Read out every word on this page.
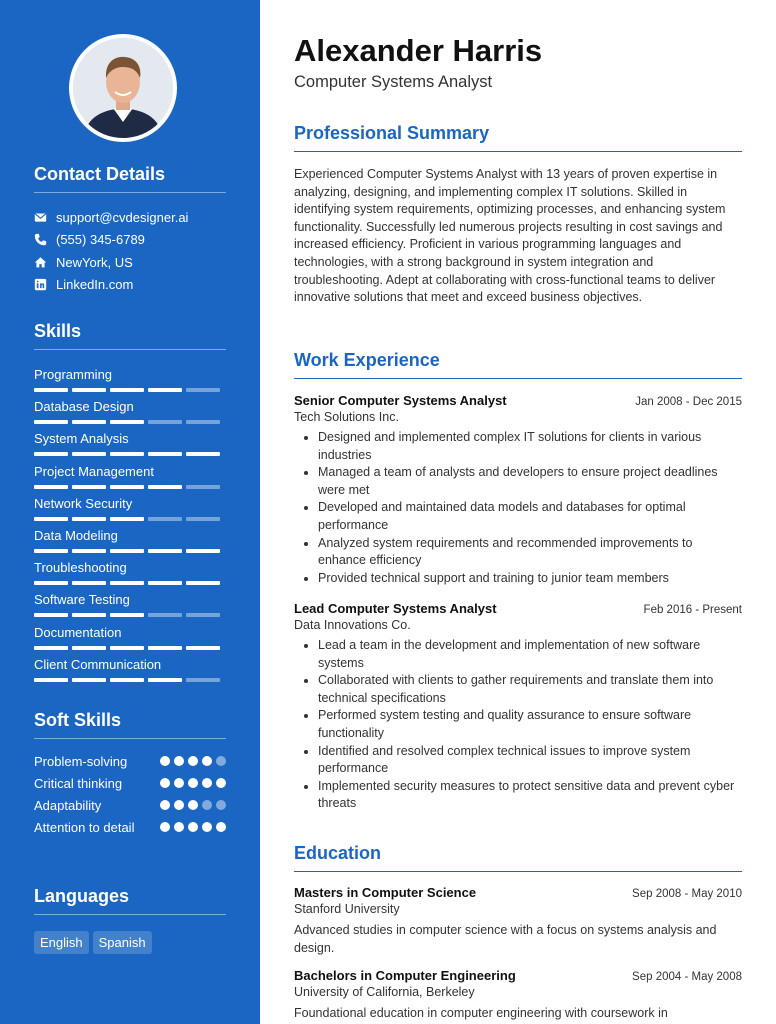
Contact Details
support@cvdesigner.ai
(555) 345-6789
NewYork, US
LinkedIn.com
Skills
Programming
Database Design
System Analysis
Project Management
Network Security
Data Modeling
Troubleshooting
Software Testing
Documentation
Client Communication
Soft Skills
Problem-solving
Critical thinking
Adaptability
Attention to detail
Languages
English Spanish
Alexander Harris
Computer Systems Analyst
Professional Summary
Experienced Computer Systems Analyst with 13 years of proven expertise in analyzing, designing, and implementing complex IT solutions. Skilled in identifying system requirements, optimizing processes, and enhancing system functionality. Successfully led numerous projects resulting in cost savings and increased efficiency. Proficient in various programming languages and technologies, with a strong background in system integration and troubleshooting. Adept at collaborating with cross-functional teams to deliver innovative solutions that meet and exceed business objectives.
Work Experience
Senior Computer Systems Analyst	Jan 2008 - Dec 2015
Tech Solutions Inc.
• Designed and implemented complex IT solutions for clients in various industries
• Managed a team of analysts and developers to ensure project deadlines were met
• Developed and maintained data models and databases for optimal performance
• Analyzed system requirements and recommended improvements to enhance efficiency
• Provided technical support and training to junior team members
Lead Computer Systems Analyst	Feb 2016 - Present
Data Innovations Co.
• Lead a team in the development and implementation of new software systems
• Collaborated with clients to gather requirements and translate them into technical specifications
• Performed system testing and quality assurance to ensure software functionality
• Identified and resolved complex technical issues to improve system performance
• Implemented security measures to protect sensitive data and prevent cyber threats
Education
Masters in Computer Science	Sep 2008 - May 2010
Stanford University
Advanced studies in computer science with a focus on systems analysis and design.
Bachelors in Computer Engineering	Sep 2004 - May 2008
University of California, Berkeley
Foundational education in computer engineering with coursework in
